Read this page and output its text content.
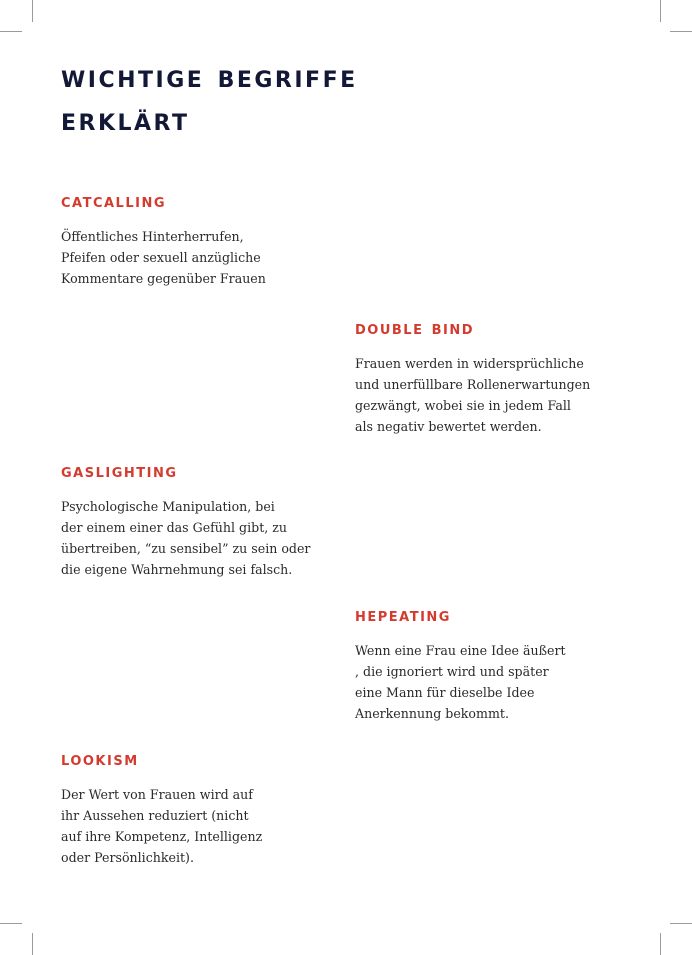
wichtige begriffe
erklärt
catcalling

Öffentliches Hinterherrufen,
Pfeifen oder sexuell anzügliche
Kommentare gegenüber Frauen

double bind

Frauen werden in widersprüchliche
und unerfüllbare Rollenerwartungen
gezwängt, wobei sie in jedem Fall
als negativ bewertet werden.

gaslighting

Psychologische Manipulation, bei
der einem einer das Gefühl gibt, zu
übertreiben, “zu sensibel” zu sein oder
die eigene Wahrnehmung sei falsch.

hepeating

Wenn eine Frau eine Idee äußert
, die ignoriert wird und später
eine Mann für dieselbe Idee
Anerkennung bekommt.

lookism

Der Wert von Frauen wird auf
ihr Aussehen reduziert (nicht
auf ihre Kompetenz, Intelligenz
oder Persönlichkeit).
